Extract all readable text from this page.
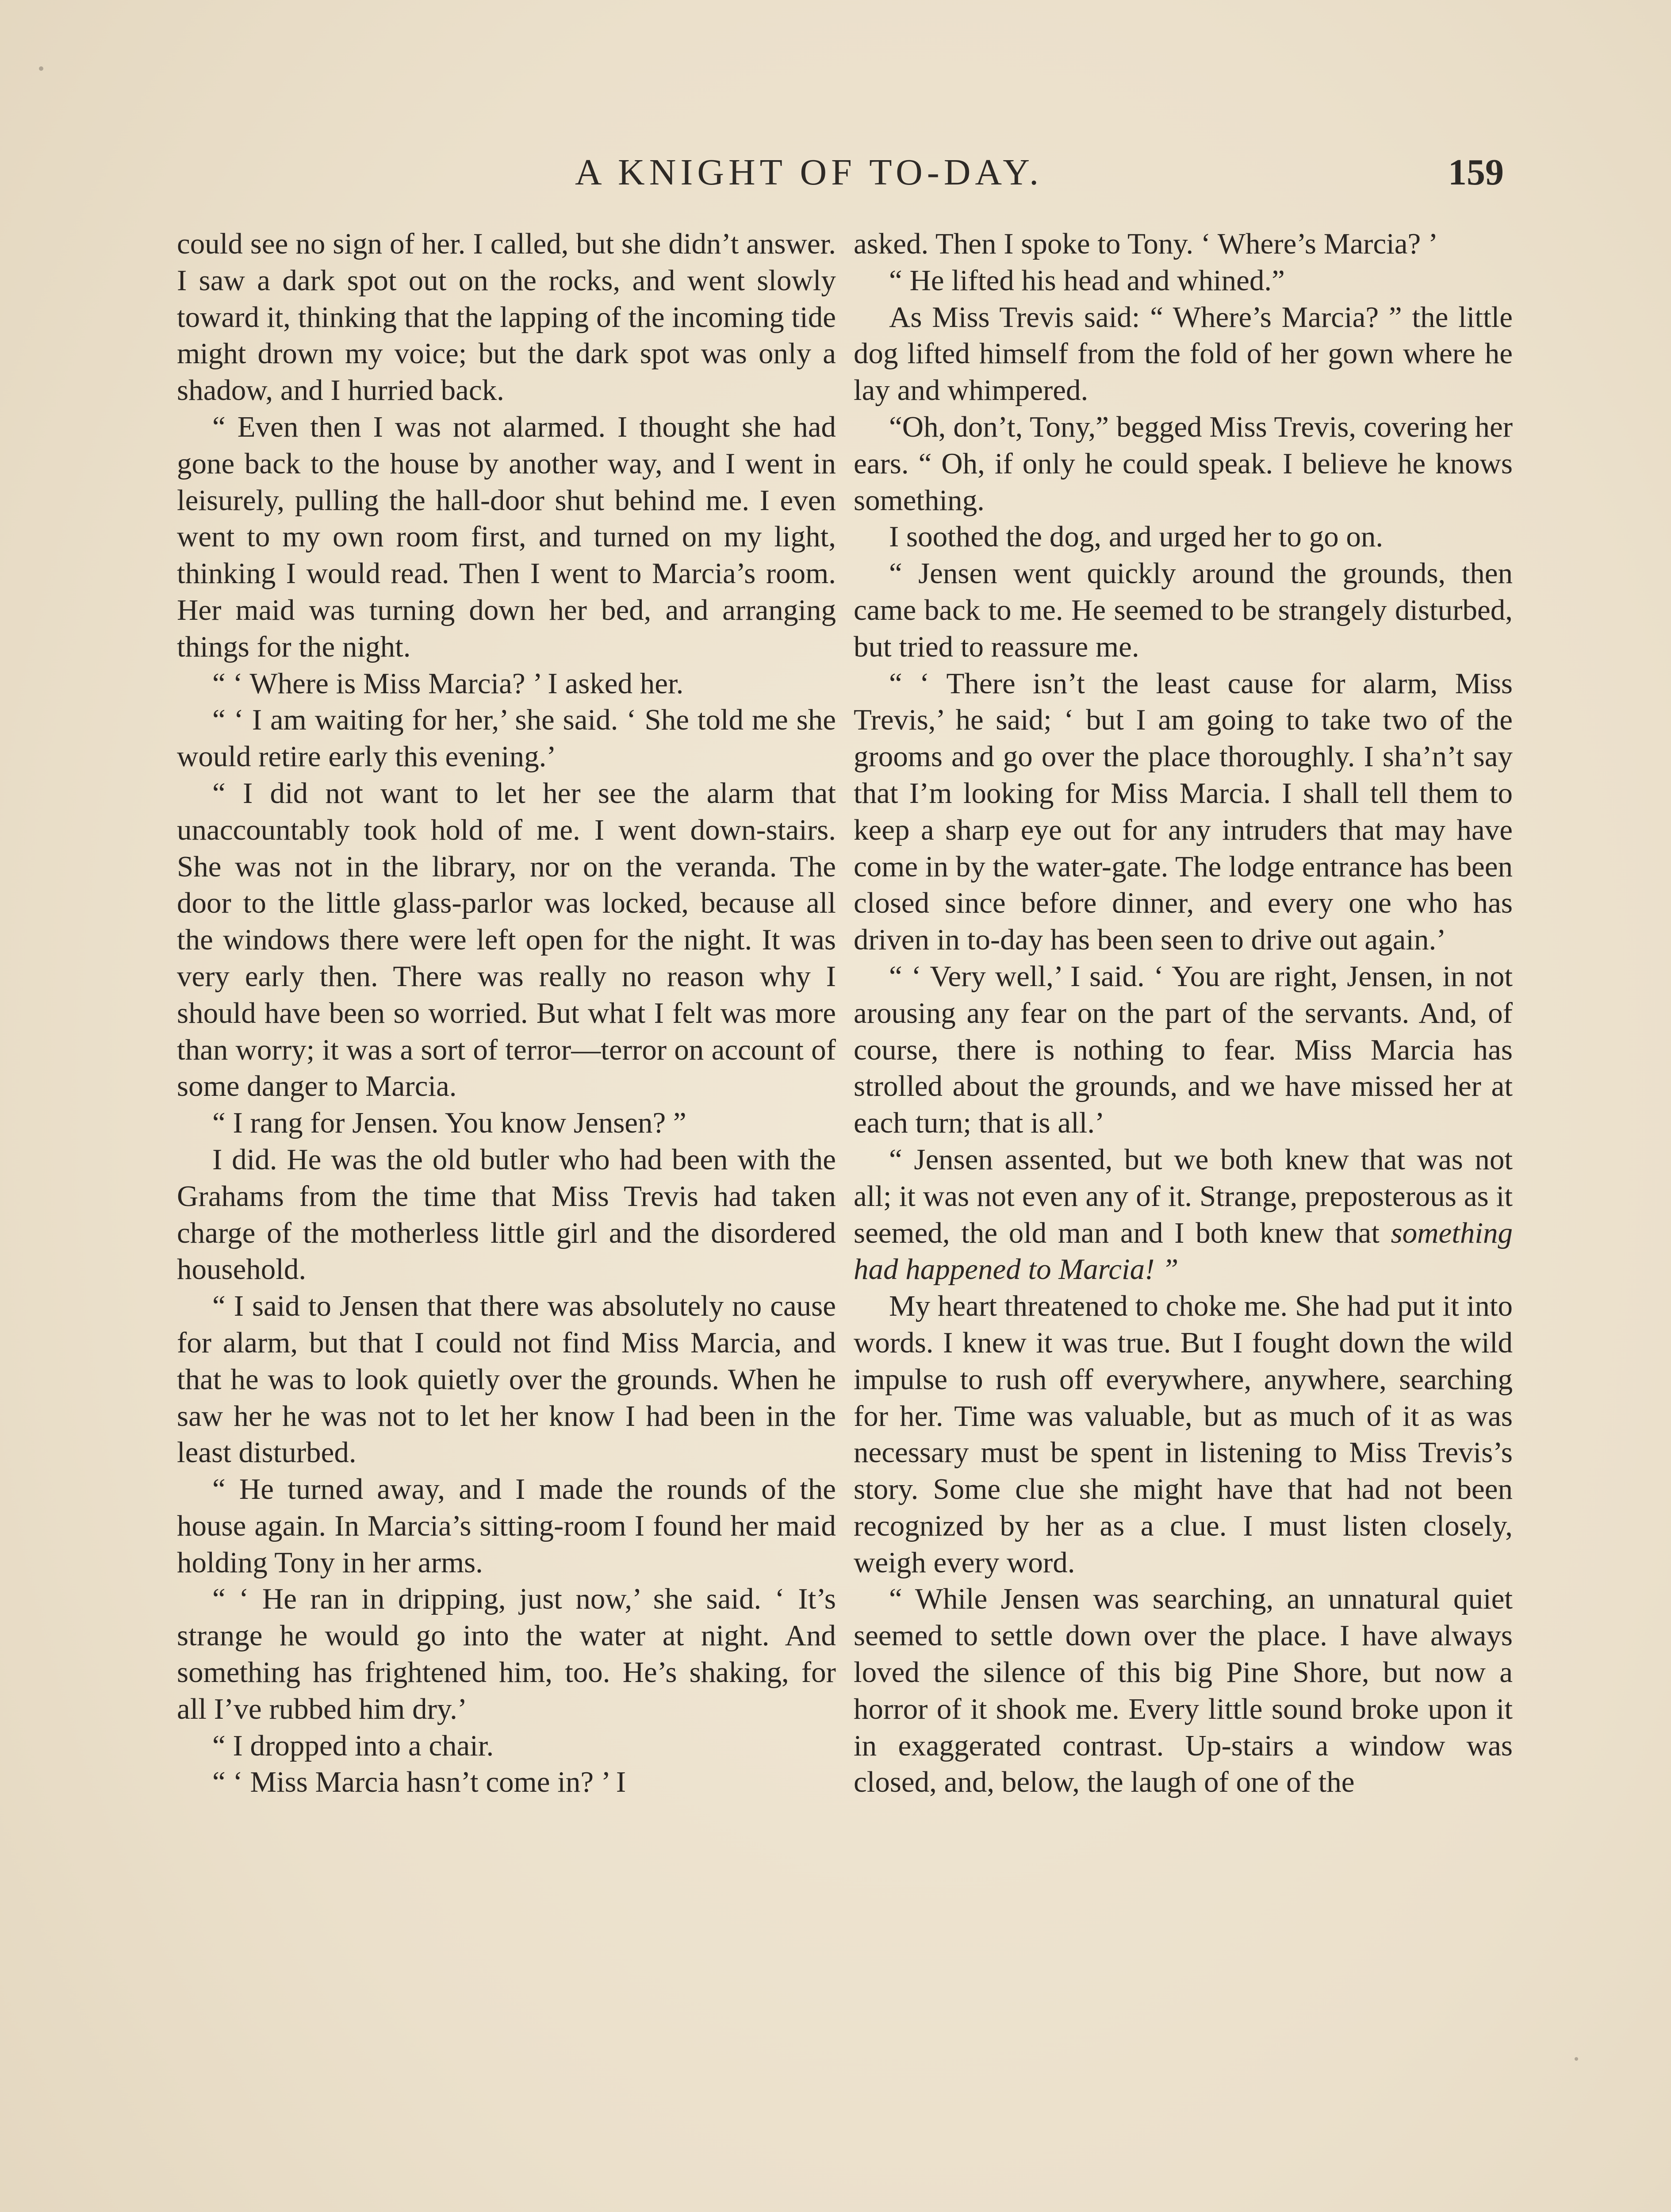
A KNIGHT OF TO-DAY.	159

could see no sign of her. I called, but she didn’t answer. I saw a dark spot out on the rocks, and went slowly toward it, thinking that the lapping of the incoming tide might drown my voice; but the dark spot was only a shadow, and I hurried back.

“ Even then I was not alarmed. I thought she had gone back to the house by another way, and I went in leisurely, pulling the hall-door shut behind me. I even went to my own room first, and turned on my light, thinking I would read. Then I went to Marcia’s room. Her maid was turning down her bed, and arranging things for the night.

“ ‘ Where is Miss Marcia? ’ I asked her.

“ ‘ I am waiting for her,’ she said. ‘ She told me she would retire early this evening.’

“ I did not want to let her see the alarm that unaccountably took hold of me. I went down-stairs. She was not in the library, nor on the veranda. The door to the little glass-parlor was locked, because all the windows there were left open for the night. It was very early then. There was really no reason why I should have been so worried. But what I felt was more than worry; it was a sort of terror—terror on account of some danger to Marcia.

“ I rang for Jensen. You know Jensen? ”

I did. He was the old butler who had been with the Grahams from the time that Miss Trevis had taken charge of the motherless little girl and the disordered household.

“ I said to Jensen that there was absolutely no cause for alarm, but that I could not find Miss Marcia, and that he was to look quietly over the grounds. When he saw her he was not to let her know I had been in the least disturbed.

“ He turned away, and I made the rounds of the house again. In Marcia’s sitting-room I found her maid holding Tony in her arms.

“ ‘ He ran in dripping, just now,’ she said. ‘ It’s strange he would go into the water at night. And something has frightened him, too. He’s shaking, for all I’ve rubbed him dry.’

“ I dropped into a chair.

“ ‘ Miss Marcia hasn’t come in? ’ I

asked. Then I spoke to Tony. ‘ Where’s Marcia? ’

“ He lifted his head and whined.”

As Miss Trevis said: “ Where’s Marcia? ” the little dog lifted himself from the fold of her gown where he lay and whimpered.

“Oh, don’t, Tony,” begged Miss Trevis, covering her ears. “ Oh, if only he could speak. I believe he knows something.

I soothed the dog, and urged her to go on.

“ Jensen went quickly around the grounds, then came back to me. He seemed to be strangely disturbed, but tried to reassure me.

“ ‘ There isn’t the least cause for alarm, Miss Trevis,’ he said; ‘ but I am going to take two of the grooms and go over the place thoroughly. I sha’n’t say that I’m looking for Miss Marcia. I shall tell them to keep a sharp eye out for any intruders that may have come in by the water-gate. The lodge entrance has been closed since before dinner, and every one who has driven in to-day has been seen to drive out again.’

“ ‘ Very well,’ I said. ‘ You are right, Jensen, in not arousing any fear on the part of the servants. And, of course, there is nothing to fear. Miss Marcia has strolled about the grounds, and we have missed her at each turn; that is all.’

“ Jensen assented, but we both knew that was not all; it was not even any of it. Strange, preposterous as it seemed, the old man and I both knew that something had happened to Marcia! ”

My heart threatened to choke me. She had put it into words. I knew it was true. But I fought down the wild impulse to rush off everywhere, anywhere, searching for her. Time was valuable, but as much of it as was necessary must be spent in listening to Miss Trevis’s story. Some clue she might have that had not been recognized by her as a clue. I must listen closely, weigh every word.

“ While Jensen was searching, an unnatural quiet seemed to settle down over the place. I have always loved the silence of this big Pine Shore, but now a horror of it shook me. Every little sound broke upon it in exaggerated contrast. Up-stairs a window was closed, and, below, the laugh of one of the
